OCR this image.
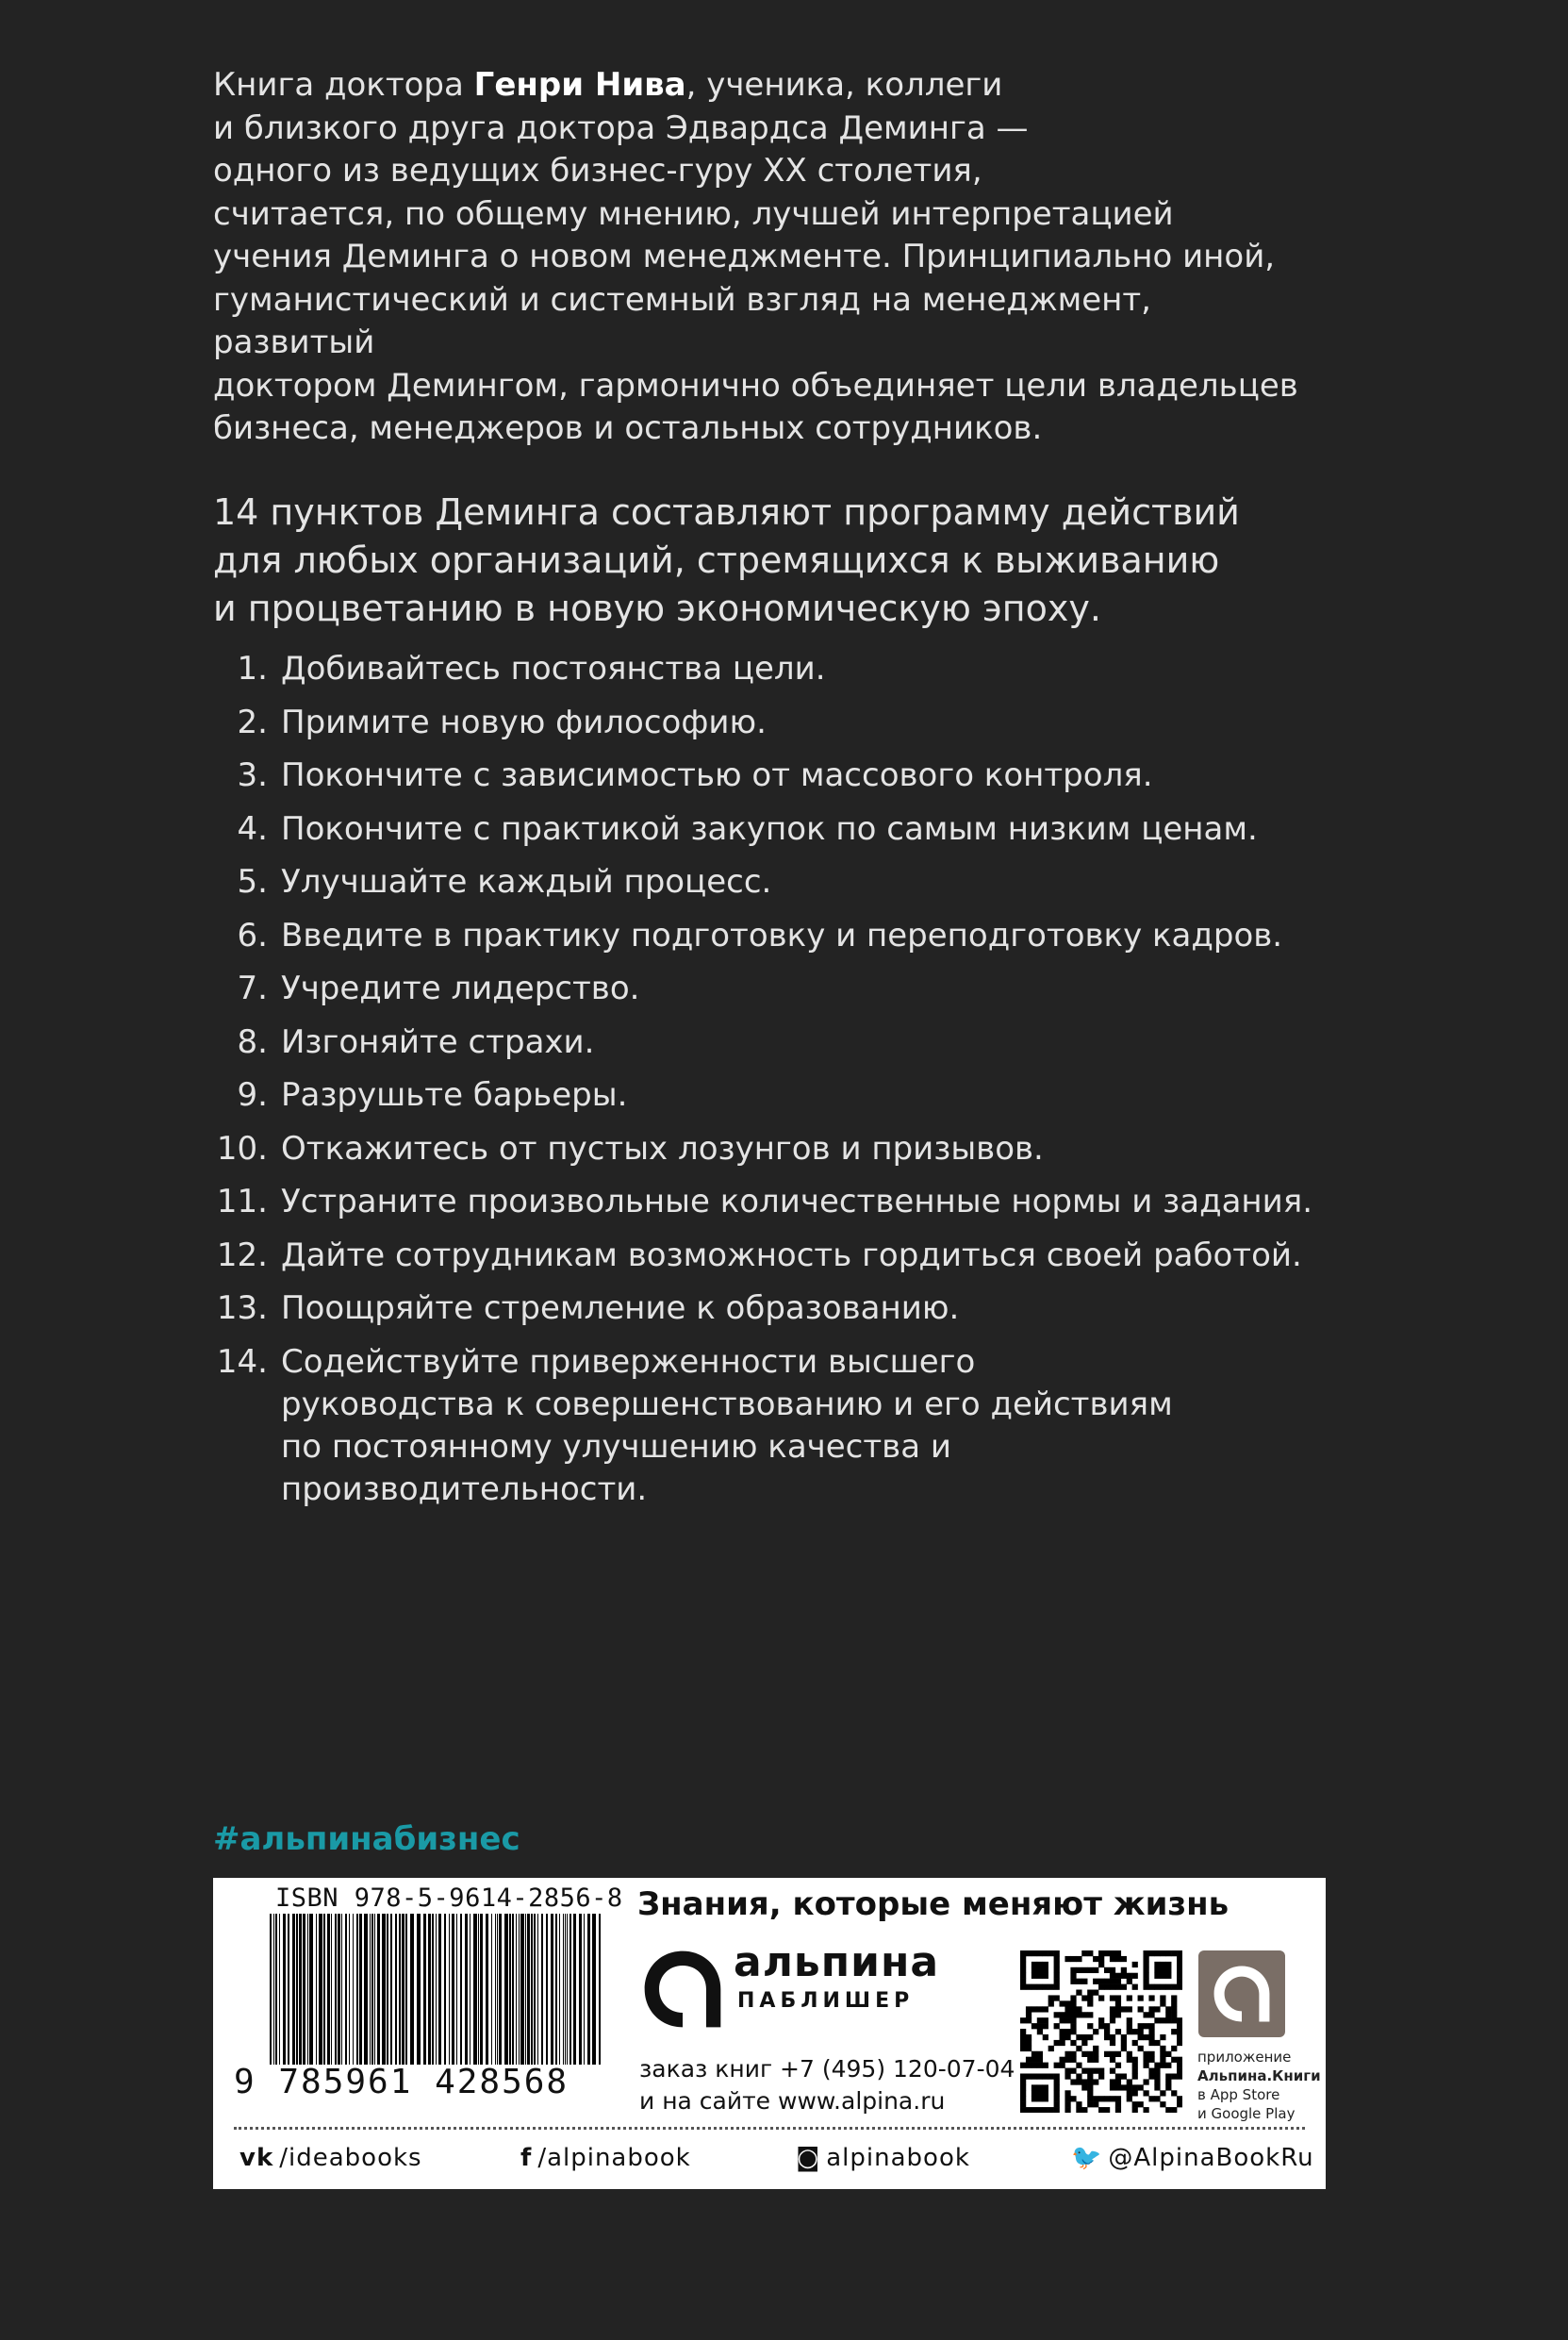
Книга доктора Генри Нива, ученика, коллеги

и близкого друга доктора Эдвардса Деминга —

одного из ведущих бизнес-гуру XX столетия,

считается, по общему мнению, лучшей интерпретацией

учения Деминга о новом менеджменте. Принципиально иной,

гуманистический и системный взгляд на менеджмент, развитый

доктором Демингом, гармонично объединяет цели владельцев

бизнеса, менеджеров и остальных сотрудников.

14 пунктов Деминга составляют программу действий

для любых организаций, стремящихся к выживанию

и процветанию в новую экономическую эпоху.

1. Добивайтесь постоянства цели.
2. Примите новую философию.
3. Покончите с зависимостью от массового контроля.
4. Покончите с практикой закупок по самым низким ценам.
5. Улучшайте каждый процесс.
6. Введите в практику подготовку и переподготовку кадров.
7. Учредите лидерство.
8. Изгоняйте страхи.
9. Разрушьте барьеры.
10. Откажитесь от пустых лозунгов и призывов.
11. Устраните произвольные количественные нормы и задания.
12. Дайте сотрудникам возможность гордиться своей работой.
13. Поощряйте стремление к образованию.
14. Содействуйте приверженности высшего руководства к совершенствованию и его действиям по постоянному улучшению качества и производительности.
#альпинабизнес
ISBN 978-5-9614-2856-8
9 785961 428568
Знания, которые меняют жизнь
альпина
ПАБЛИШЕР

заказ книг +7 (495) 120-07-04

и на сайте www.alpina.ru

приложение

Альпина.Книги

в App Store

и Google Play

vk /ideabooks	f /alpinabook	◙ alpinabook	🐦 @AlpinaBookRu
